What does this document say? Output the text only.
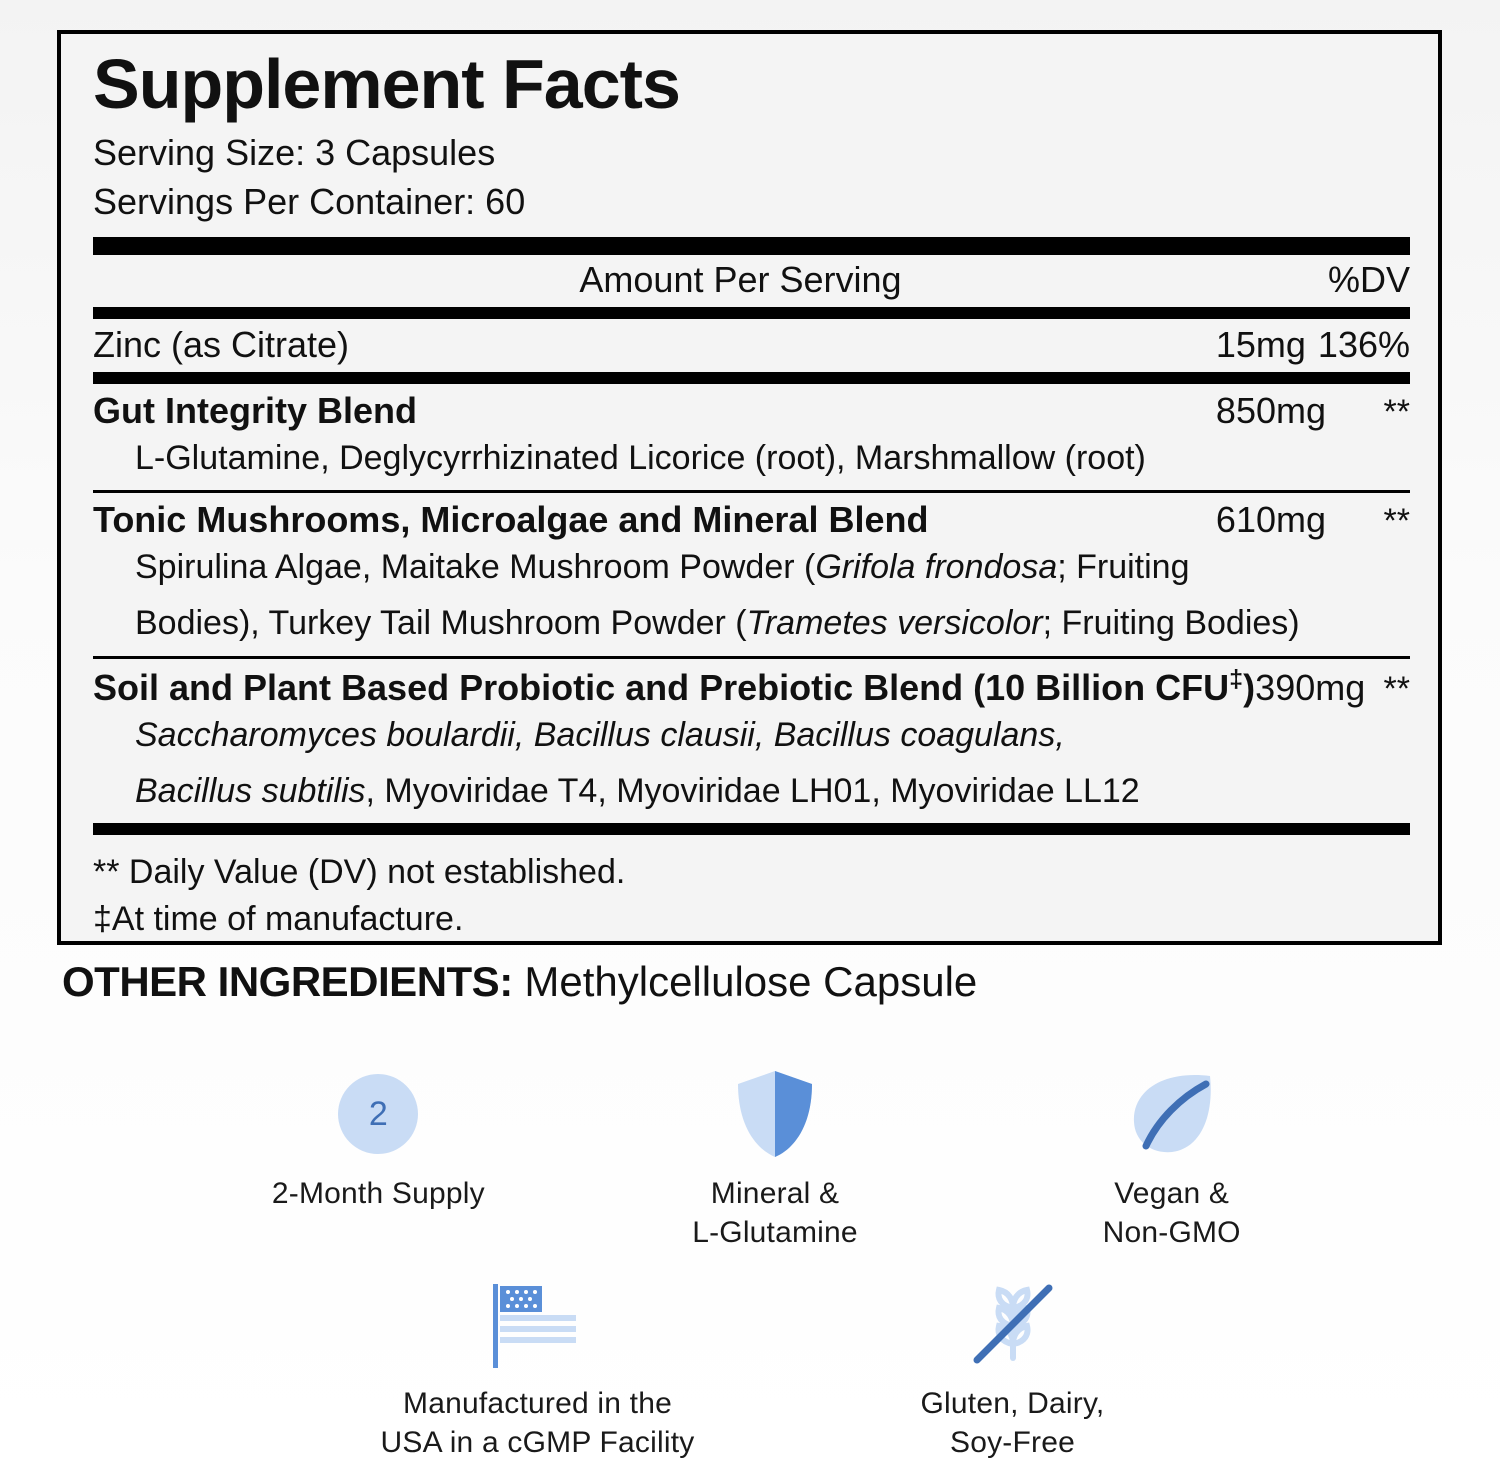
Supplement Facts
Serving Size: 3 Capsules
Servings Per Container: 60
Amount Per Serving	%DV
Zinc (as Citrate)	15mg 136%
Gut Integrity Blend	850mg	**
L-Glutamine, Deglycyrrhizinated Licorice (root), Marshmallow (root)
Tonic Mushrooms, Microalgae and Mineral Blend	610mg	**
Spirulina Algae, Maitake Mushroom Powder (Grifola frondosa; Fruiting
Bodies), Turkey Tail Mushroom Powder (Trametes versicolor; Fruiting Bodies)
Soil and Plant Based Probiotic and Prebiotic Blend (10 Billion CFU‡) 390mg **
Saccharomyces boulardii, Bacillus clausii, Bacillus coagulans,
Bacillus subtilis, Myoviridae T4, Myoviridae LH01, Myoviridae LL12
** Daily Value (DV) not established.
‡At time of manufacture.
OTHER INGREDIENTS: Methylcellulose Capsule
2
2-Month Supply	Mineral &
L-Glutamine
Vegan &
Non-GMO
Manufactured in the
USA in a cGMP Facility
Gluten, Dairy,
Soy-Free
